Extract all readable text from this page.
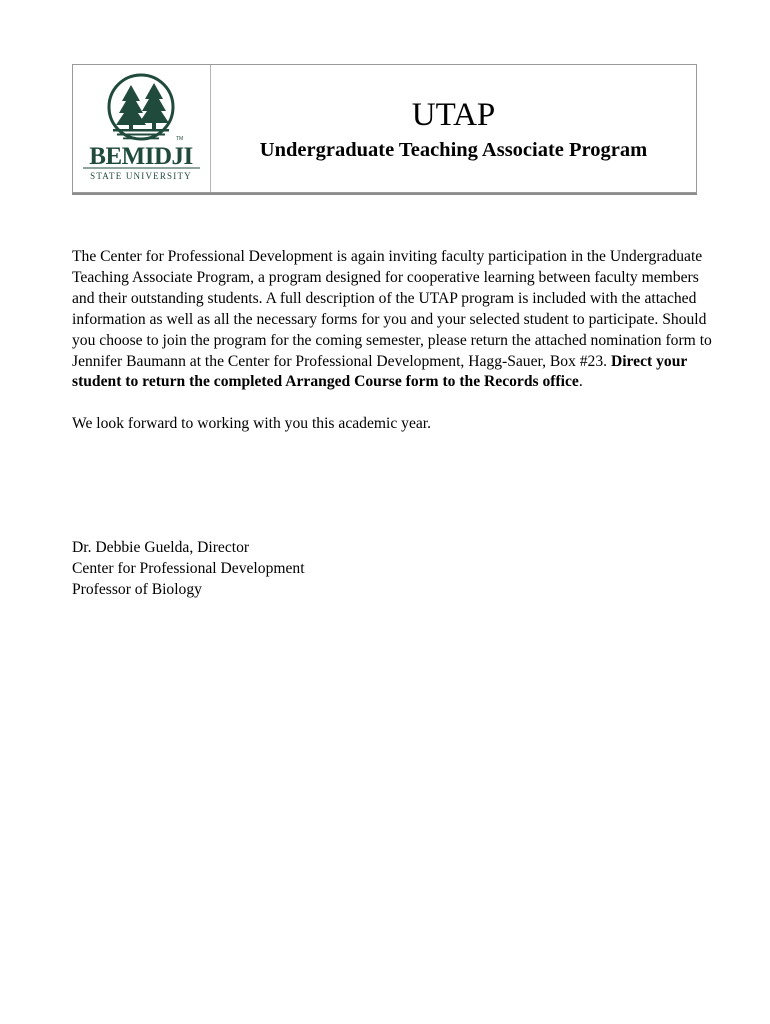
TM
BEMIDJI
STATE UNIVERSITY
UTAP
Undergraduate Teaching Associate Program

The Center for Professional Development is again inviting faculty participation in the Undergraduate Teaching Associate Program, a program designed for cooperative learning between faculty members and their outstanding students. A full description of the UTAP program is included with the attached information as well as all the necessary forms for you and your selected student to participate. Should you choose to join the program for the coming semester, please return the attached nomination form to Jennifer Baumann at the Center for Professional Development, Hagg-Sauer, Box #23. Direct your student to return the completed Arranged Course form to the Records office.

We look forward to working with you this academic year.

Dr. Debbie Guelda, Director
Center for Professional Development
Professor of Biology
